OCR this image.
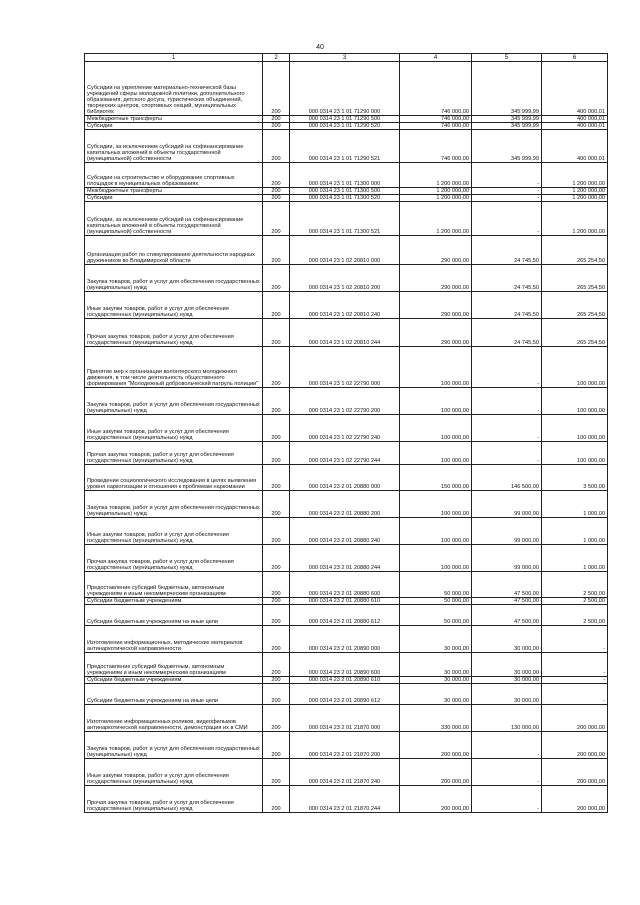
40
1	2	3	4	5	6
Субсидии на укрепление материально-технической базы учреждений сферы молодежной политики, дополнительного образования, детского досуга, туристических объединений, творческих центров, спортивных секций, муниципальных библиотек	200	000 0314 23 1 01 71290 000	746 000,00	345 999,99	400 000,01
Межбюджетные трансферты	200	000 0314 23 1 01 71290 500	746 000,00	345 999,99	400 000,01
Субсидии	200	000 0314 23 1 01 71290 520	746 000,00	345 999,99	400 000,01
Субсидии, за исключением субсидий на софинансирование капитальных вложений в объекты государственной (муниципальной) собственности	200	000 0314 23 1 01 71290 521	746 000,00	345 999,99	400 000,01
Субсидии на строительство и оборудование спортивных площадок в муниципальных образованиях	200	000 0314 23 1 01 71300 000	1 200 000,00	-	1 200 000,00
Межбюджетные трансферты	200	000 0314 23 1 01 71300 500	1 200 000,00	-	1 200 000,00
Субсидии	200	000 0314 23 1 01 71300 520	1 200 000,00	-	1 200 000,00
Субсидии, за исключением субсидий на софинансирование капитальных вложений в объекты государственной (муниципальной) собственности	200	000 0314 23 1 01 71300 521	1 200 000,00	-	1 200 000,00
Организация работ по стимулированию деятельности народных дружинников во Владимирской области	200	000 0314 23 1 02 20810 000	290 000,00	24 745,50	265 254,50
Закупка товаров, работ и услуг для обеспечения государственных (муниципальных) нужд	200	000 0314 23 1 02 20810 200	290 000,00	24 745,50	265 254,50
Иные закупки товаров, работ и услуг для обеспечения государственных (муниципальных) нужд	200	000 0314 23 1 02 20810 240	290 000,00	24 745,50	265 254,50
Прочая закупка товаров, работ и услуг для обеспечения государственных (муниципальных) нужд	200	000 0314 23 1 02 20810 244	290 000,00	24 745,50	265 254,50
Принятие мер к организации волонтерского молодежного движения, в том числе деятельность общественного формирования "Молодежный добровольческий патруль полиции"	200	000 0314 23 1 02 22790 000	100 000,00	-	100 000,00
Закупка товаров, работ и услуг для обеспечения государственных (муниципальных) нужд	200	000 0314 23 1 02 22790 200	100 000,00	-	100 000,00
Иные закупки товаров, работ и услуг для обеспечения государственных (муниципальных) нужд	200	000 0314 23 1 02 22790 240	100 000,00	-	100 000,00
Прочая закупка товаров, работ и услуг для обеспечения государственных (муниципальных) нужд	200	000 0314 23 1 02 22790 244	100 000,00	-	100 000,00
Проведение социологического исследования в целях выявления уровня наркотизации и отношения к проблемам наркомании	200	000 0314 23 2 01 20880 000	150 000,00	146 500,00	3 500,00
Закупка товаров, работ и услуг для обеспечения государственных (муниципальных) нужд	200	000 0314 23 2 01 20880 200	100 000,00	99 000,00	1 000,00
Иные закупки товаров, работ и услуг для обеспечения государственных (муниципальных) нужд	200	000 0314 23 2 01 20880 240	100 000,00	99 000,00	1 000,00
Прочая закупка товаров, работ и услуг для обеспечения государственных (муниципальных) нужд	200	000 0314 23 2 01 20880 244	100 000,00	99 000,00	1 000,00
Предоставление субсидий бюджетным, автономным учреждениям и иным некоммерческим организациям	200	000 0314 23 2 01 20880 600	50 000,00	47 500,00	2 500,00
Субсидии бюджетным учреждениям	200	000 0314 23 2 01 20880 610	50 000,00	47 500,00	2 500,00
Субсидии бюджетным учреждениям на иные цели	200	000 0314 23 2 01 20880 612	50 000,00	47 500,00	2 500,00
Изготовление информационных, методических материалов антинаркотической направленности	200	000 0314 23 2 01 20890 000	30 000,00	30 000,00	-
Предоставление субсидий бюджетным, автономным учреждениям и иным некоммерческим организациям	200	000 0314 23 2 01 20890 600	30 000,00	30 000,00	-
Субсидии бюджетным учреждениям	200	000 0314 23 2 01 20890 610	30 000,00	30 000,00	-
Субсидии бюджетным учреждениям на иные цели	200	000 0314 23 2 01 20890 612	30 000,00	30 000,00	-
Изготовление информационных роликов, видеофильмов антинаркотической направленности, демонстрация их в СМИ	200	000 0314 23 2 01 21870 000	330 000,00	130 000,00	200 000,00
Закупка товаров, работ и услуг для обеспечения государственных (муниципальных) нужд	200	000 0314 23 2 01 21870 200	200 000,00	-	200 000,00
Иные закупки товаров, работ и услуг для обеспечения государственных (муниципальных) нужд	200	000 0314 23 2 01 21870 240	200 000,00	-	200 000,00
Прочая закупка товаров, работ и услуг для обеспечения государственных (муниципальных) нужд	200	000 0314 23 2 01 21870 244	200 000,00	-	200 000,00
